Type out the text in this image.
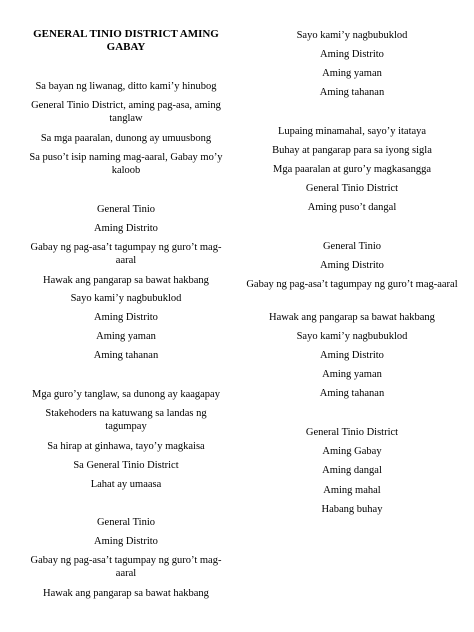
GENERAL TINIO DISTRICT AMING GABAY
Sa bayan ng liwanag, ditto kami’y hinubog
General Tinio District, aming pag-asa, aming tanglaw
Sa mga paaralan, dunong ay umuusbong
Sa puso’t isip naming mag-aaral, Gabay mo’y kaloob
General Tinio
Aming Distrito
Gabay ng pag-asa’t tagumpay ng guro’t mag-aaral
Hawak ang pangarap sa bawat hakbang
Sayo kami’y nagbubuklod
Aming Distrito
Aming yaman
Aming tahanan
Mga guro’y tanglaw, sa dunong ay kaagapay
Stakehoders na katuwang sa landas ng tagumpay
Sa hirap at ginhawa, tayo’y magkaisa
Sa General Tinio District
Lahat ay umaasa
General Tinio
Aming Distrito
Gabay ng pag-asa’t tagumpay ng guro’t mag-aaral
Hawak ang pangarap sa bawat hakbang
Sayo kami’y nagbubuklod
Aming Distrito
Aming yaman
Aming tahanan
Lupaing minamahal, sayo’y itataya
Buhay at pangarap para sa iyong sigla
Mga paaralan at guro’y magkasangga
General Tinio District
Aming puso’t dangal
General Tinio
Aming Distrito
Gabay ng pag-asa’t tagumpay ng guro’t mag-aaral
Hawak ang pangarap sa bawat hakbang
Sayo kami’y nagbubuklod
Aming Distrito
Aming yaman
Aming tahanan
General Tinio District
Aming Gabay
Aming dangal
Aming mahal
Habang buhay
